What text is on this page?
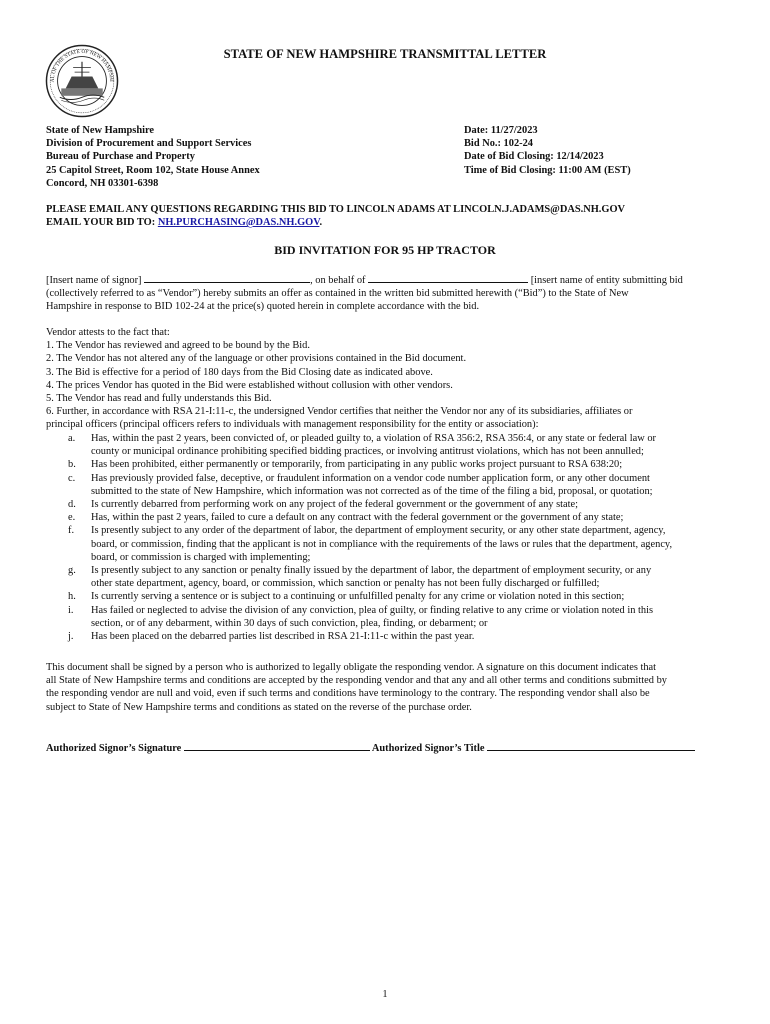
AL OF THE STATE OF NEW HAMPSHI
STATE OF NEW HAMPSHIRE TRANSMITTAL LETTER
State of New Hampshire
Division of Procurement and Support Services
Bureau of Purchase and Property
25 Capitol Street, Room 102, State House Annex
Concord, NH 03301-6398
Date: 11/27/2023
Bid No.: 102-24
Date of Bid Closing: 12/14/2023
Time of Bid Closing: 11:00 AM (EST)
PLEASE EMAIL ANY QUESTIONS REGARDING THIS BID TO LINCOLN ADAMS AT LINCOLN.J.ADAMS@DAS.NH.GOV
EMAIL YOUR BID TO: NH.PURCHASING@DAS.NH.GOV.
BID INVITATION FOR 95 HP TRACTOR
[Insert name of signor]	, on behalf of	[insert name of entity submitting bid
(collectively referred to as “Vendor”) hereby submits an offer as contained in the written bid submitted herewith (“Bid”) to the State of New
Hampshire in response to BID 102-24 at the price(s) quoted herein in complete accordance with the bid.
Vendor attests to the fact that:
1. The Vendor has reviewed and agreed to be bound by the Bid.
2. The Vendor has not altered any of the language or other provisions contained in the Bid document.
3. The Bid is effective for a period of 180 days from the Bid Closing date as indicated above.
4. The prices Vendor has quoted in the Bid were established without collusion with other vendors.
5. The Vendor has read and fully understands this Bid.
6. Further, in accordance with RSA 21-I:11-c, the undersigned Vendor certifies that neither the Vendor nor any of its subsidiaries, affiliates or
principal officers (principal officers refers to individuals with management responsibility for the entity or association):
a.	Has, within the past 2 years, been convicted of, or pleaded guilty to, a violation of RSA 356:2, RSA 356:4, or any state or federal law or
county or municipal ordinance prohibiting specified bidding practices, or involving antitrust violations, which has not been annulled;
b.	Has been prohibited, either permanently or temporarily, from participating in any public works project pursuant to RSA 638:20;
c.	Has previously provided false, deceptive, or fraudulent information on a vendor code number application form, or any other document
submitted to the state of New Hampshire, which information was not corrected as of the time of the filing a bid, proposal, or quotation;
d.	Is currently debarred from performing work on any project of the federal government or the government of any state;
e.	Has, within the past 2 years, failed to cure a default on any contract with the federal government or the government of any state;
f.	Is presently subject to any order of the department of labor, the department of employment security, or any other state department, agency,
board, or commission, finding that the applicant is not in compliance with the requirements of the laws or rules that the department, agency,
board, or commission is charged with implementing;
g.	Is presently subject to any sanction or penalty finally issued by the department of labor, the department of employment security, or any
other state department, agency, board, or commission, which sanction or penalty has not been fully discharged or fulfilled;
h.	Is currently serving a sentence or is subject to a continuing or unfulfilled penalty for any crime or violation noted in this section;
i.	Has failed or neglected to advise the division of any conviction, plea of guilty, or finding relative to any crime or violation noted in this
section, or of any debarment, within 30 days of such conviction, plea, finding, or debarment; or
j.	Has been placed on the debarred parties list described in RSA 21-I:11-c within the past year.
This document shall be signed by a person who is authorized to legally obligate the responding vendor. A signature on this document indicates that
all State of New Hampshire terms and conditions are accepted by the responding vendor and that any and all other terms and conditions submitted by
the responding vendor are null and void, even if such terms and conditions have terminology to the contrary. The responding vendor shall also be
subject to State of New Hampshire terms and conditions as stated on the reverse of the purchase order.
Authorized Signor’s Signature	Authorized Signor’s Title
1
